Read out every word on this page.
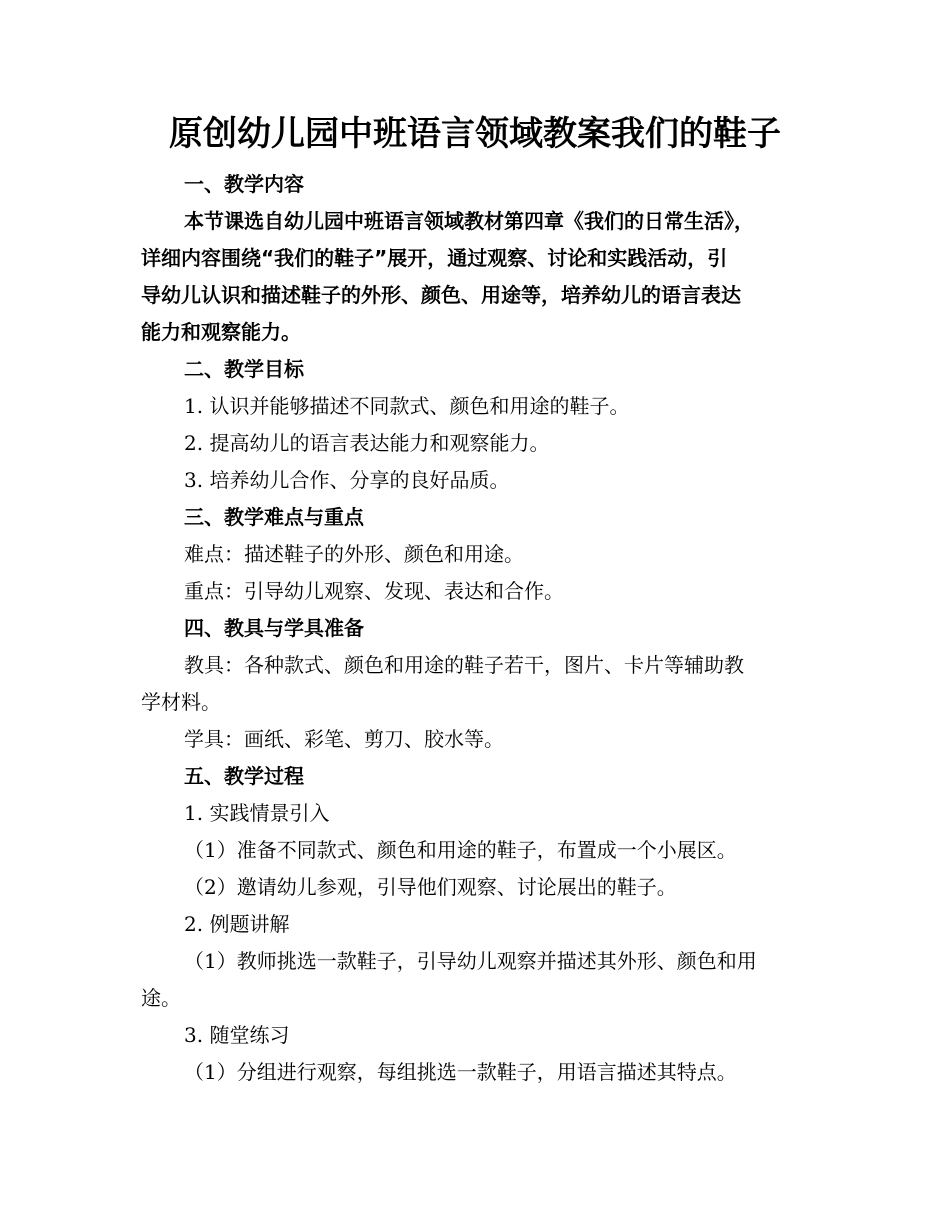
原创幼儿园中班语言领域教案我们的鞋子
一、教学内容
本节课选自幼儿园中班语言领域教材第四章《我们的日常生活》，
详细内容围绕“我们的鞋子”展开，通过观察、讨论和实践活动，引
导幼儿认识和描述鞋子的外形、颜色、用途等，培养幼儿的语言表达
能力和观察能力。
二、教学目标
1. 认识并能够描述不同款式、颜色和用途的鞋子。
2. 提高幼儿的语言表达能力和观察能力。
3. 培养幼儿合作、分享的良好品质。
三、教学难点与重点
难点：描述鞋子的外形、颜色和用途。
重点：引导幼儿观察、发现、表达和合作。
四、教具与学具准备
教具：各种款式、颜色和用途的鞋子若干，图片、卡片等辅助教
学材料。
学具：画纸、彩笔、剪刀、胶水等。
五、教学过程
1. 实践情景引入
（1）准备不同款式、颜色和用途的鞋子，布置成一个小展区。
（2）邀请幼儿参观，引导他们观察、讨论展出的鞋子。
2. 例题讲解
（1）教师挑选一款鞋子，引导幼儿观察并描述其外形、颜色和用
途。
3. 随堂练习
（1）分组进行观察，每组挑选一款鞋子，用语言描述其特点。
